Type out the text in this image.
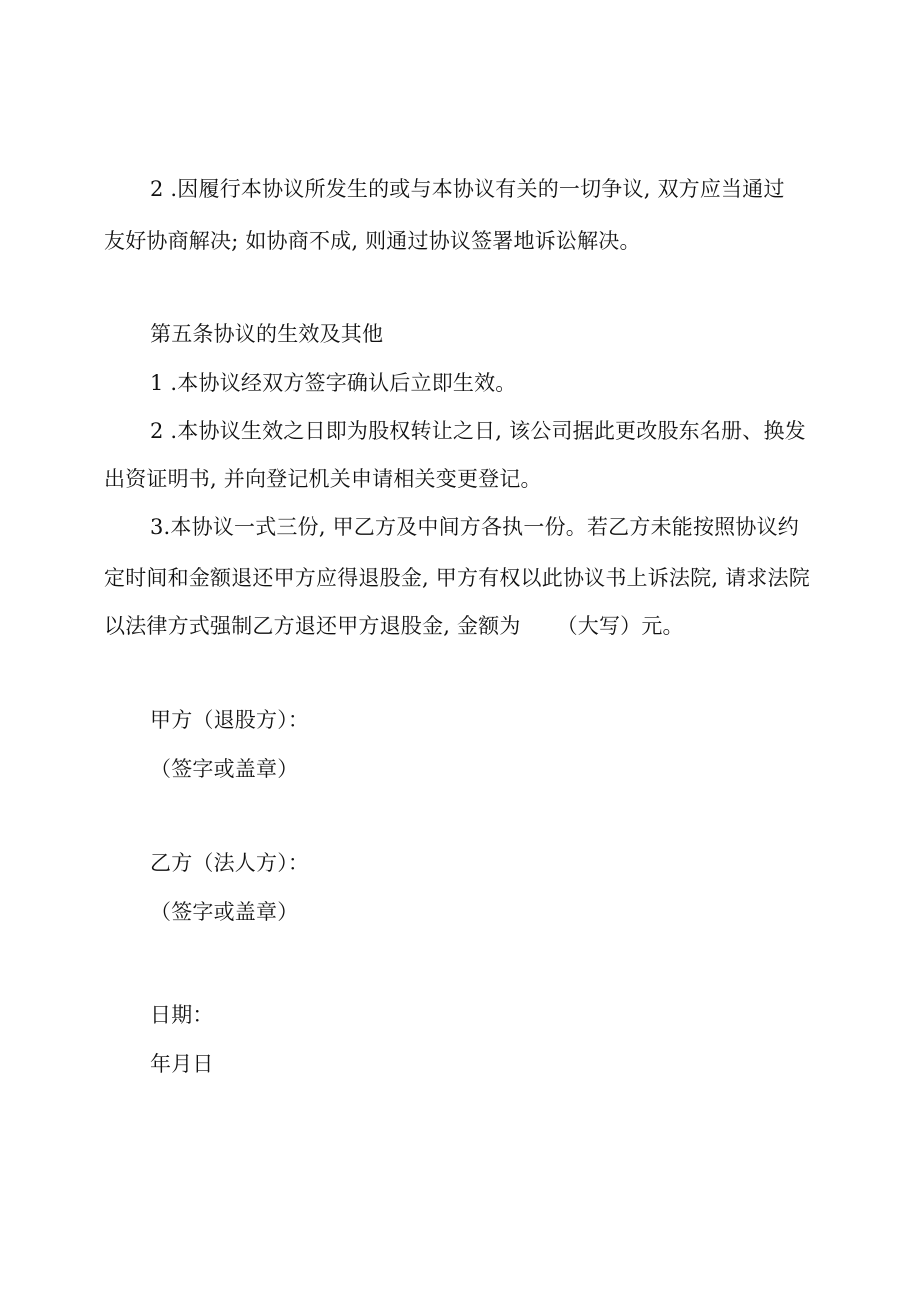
2 .因履行本协议所发生的或与本协议有关的一切争议, 双方应当通过
友好协商解决; 如协商不成, 则通过协议签署地诉讼解决。
第五条协议的生效及其他
1 .本协议经双方签字确认后立即生效。
2 .本协议生效之日即为股权转让之日, 该公司据此更改股东名册、换发
出资证明书, 并向登记机关申请相关变更登记。
3.本协议一式三份, 甲乙方及中间方各执一份。若乙方未能按照协议约
定时间和金额退还甲方应得退股金, 甲方有权以此协议书上诉法院, 请求法院
以法律方式强制乙方退还甲方退股金, 金额为 （大写）元。
甲方（退股方）：
（签字或盖章）
乙方（法人方）：
（签字或盖章）
日期：
年月日
